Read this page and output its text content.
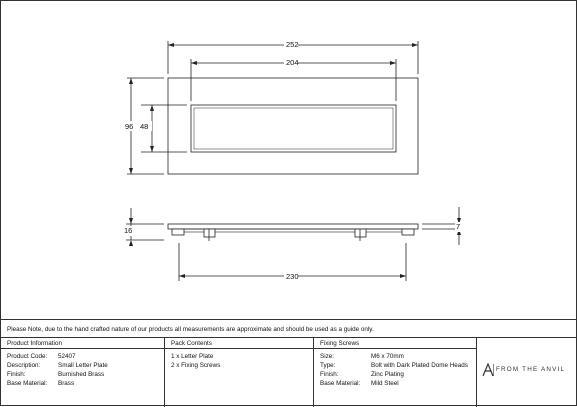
252
204
96 48
16	7
230
Please Note, due to the hand crafted nature of our products all measurements are approximate and should be used as a guide only.
Product Information
Product Code: 52407
Description:	Small Letter Plate
Finish:	Burnished Brass
Base Material: Brass
Pack Contents
1 x Letter Plate
2 x Fixing Screws
Fixing Screws
Size:	M6 x 70mm
Type:	Bolt with Dark Plated Dome Heads
Finish:	Zinc Plating
Base Material: Mild Steel
FROM THE ANVIL
